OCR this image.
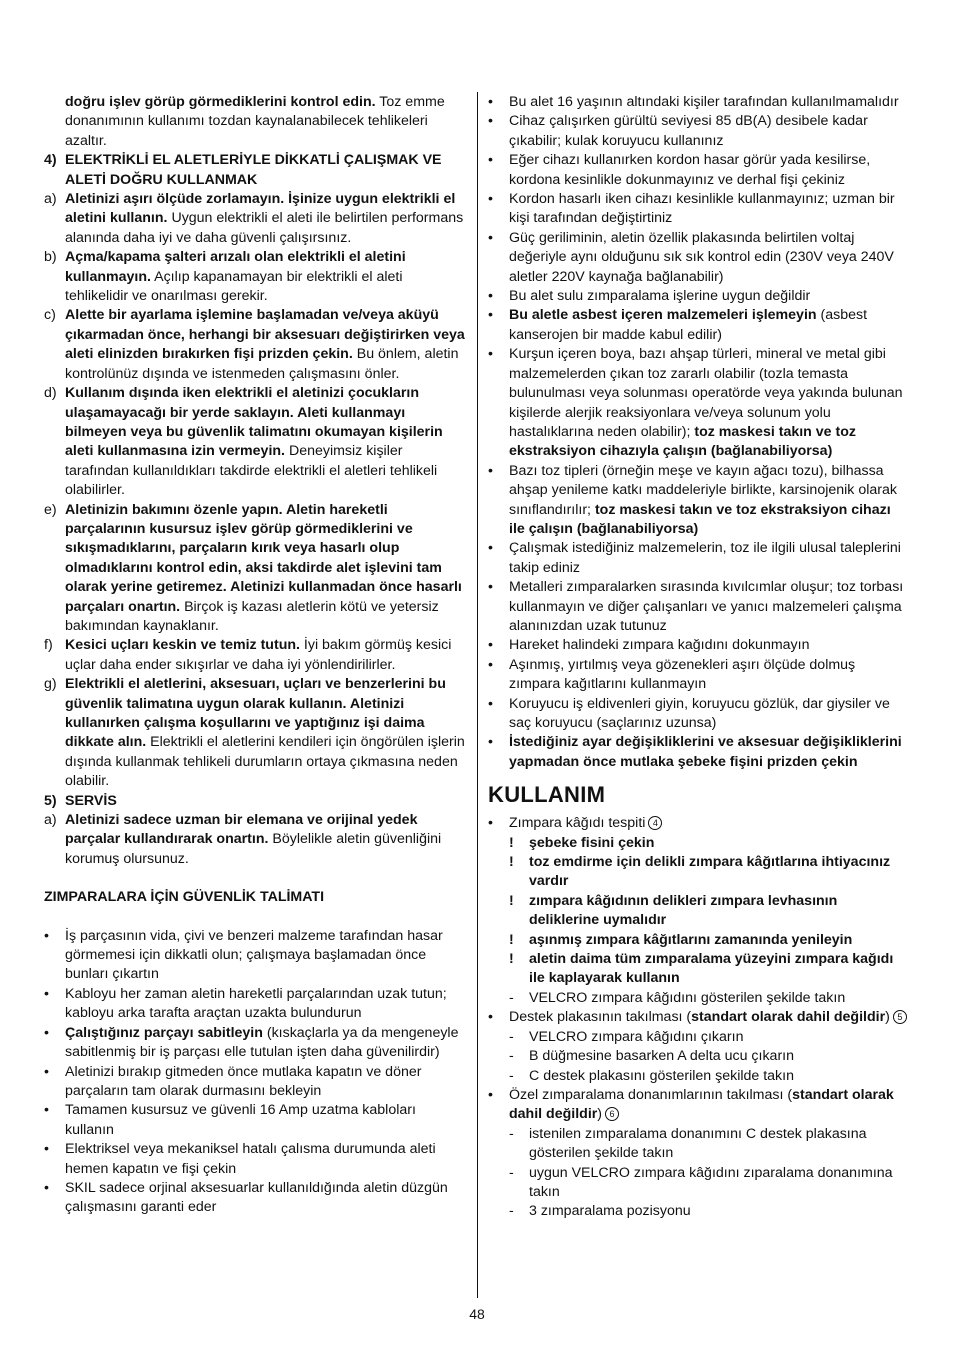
doğru işlev görüp görmediklerini kontrol edin. Toz emme donanımının kullanımı tozdan kaynalanabilecek tehlikeleri azaltır.

4) ELEKTRİKLİ EL ALETLERİYLE DİKKATLİ ÇALIŞMAK VE ALETİ DOĞRU KULLANMAK
a) Aletinizi aşırı ölçüde zorlamayın. İşinize uygun elektrikli el aletini kullanın. Uygun elektrikli el aleti ile belirtilen performans alanında daha iyi ve daha güvenli çalışırsınız.
b) Açma/kapama şalteri arızalı olan elektrikli el aletini kullanmayın. Açılıp kapanamayan bir elektrikli el aleti tehlikelidir ve onarılması gerekir.
c) Alette bir ayarlama işlemine başlamadan ve/veya aküyü çıkarmadan önce, herhangi bir aksesuarı değiştirirken veya aleti elinizden bırakırken fişi prizden çekin. Bu önlem, aletin kontrolünüz dışında ve istenmeden çalışmasını önler.
d) Kullanım dışında iken elektrikli el aletinizi çocukların ulaşamayacağı bir yerde saklayın. Aleti kullanmayı bilmeyen veya bu güvenlik talimatını okumayan kişilerin aleti kullanmasına izin vermeyin. Deneyimsiz kişiler tarafından kullanıldıkları takdirde elektrikli el aletleri tehlikeli olabilirler.
e) Aletinizin bakımını özenle yapın. Aletin hareketli parçalarının kusursuz işlev görüp görmediklerini ve sıkışmadıklarını, parçaların kırık veya hasarlı olup olmadıklarını kontrol edin, aksi takdirde alet işlevini tam olarak yerine getiremez. Aletinizi kullanmadan önce hasarlı parçaları onartın. Birçok iş kazası aletlerin kötü ve yetersiz bakımından kaynaklanır.
f) Kesici uçları keskin ve temiz tutun. İyi bakım görmüş kesici uçlar daha ender sıkışırlar ve daha iyi yönlendirilirler.
g) Elektrikli el aletlerini, aksesuarı, uçları ve benzerlerini bu güvenlik talimatına uygun olarak kullanın. Aletinizi kullanırken çalışma koşullarını ve yaptığınız işi daima dikkate alın. Elektrikli el aletlerini kendileri için öngörülen işlerin dışında kullanmak tehlikeli durumların ortaya çıkmasına neden olabilir.
5) SERVİS
a) Aletinizi sadece uzman bir elemana ve orijinal yedek parçalar kullandırarak onartın. Böylelikle aletin güvenliğini korumuş olursunuz.
ZIMPARALARA İÇİN GÜVENLİK TALİMATI
•	İş parçasının vida, çivi ve benzeri malzeme tarafından hasar görmemesi için dikkatli olun; çalışmaya başlamadan önce bunları çıkartın
•	Kabloyu her zaman aletin hareketli parçalarından uzak tutun; kabloyu arka tarafta araçtan uzakta bulundurun
•	Çalıştığınız parçayı sabitleyin (kıskaçlarla ya da mengeneyle sabitlenmiş bir iş parçası elle tutulan işten daha güvenilirdir)
•	Aletinizi bırakıp gitmeden önce mutlaka kapatın ve döner parçaların tam olarak durmasını bekleyin
•	Tamamen kusursuz ve güvenli 16 Amp uzatma kabloları kullanın
•	Elektriksel veya mekaniksel hatalı çalısma durumunda aleti hemen kapatın ve fişi çekin
•	SKIL sadece orjinal aksesuarlar kullanıldığında aletin düzgün çalışmasını garanti eder
•	Bu alet 16 yaşının altındaki kişiler tarafından kullanılmamalıdır
•	Cihaz çalışırken gürültü seviyesi 85 dB(A) desibele kadar çıkabilir; kulak koruyucu kullanınız
•	Eğer cihazı kullanırken kordon hasar görür yada kesilirse, kordona kesinlikle dokunmayınız ve derhal fişi çekiniz
•	Kordon hasarlı iken cihazı kesinlikle kullanmayınız; uzman bir kişi tarafından değiştirtiniz
•	Güç geriliminin, aletin özellik plakasında belirtilen voltaj değeriyle aynı olduğunu sık sık kontrol edin (230V veya 240V aletler 220V kaynağa bağlanabilir)
•	Bu alet sulu zımparalama işlerine uygun değildir
•	Bu aletle asbest içeren malzemeleri işlemeyin (asbest kanserojen bir madde kabul edilir)
•	Kurşun içeren boya, bazı ahşap türleri, mineral ve metal gibi malzemelerden çıkan toz zararlı olabilir (tozla temasta bulunulması veya solunması operatörde veya yakında bulunan kişilerde alerjik reaksiyonlara ve/veya solunum yolu hastalıklarına neden olabilir); toz maskesi takın ve toz ekstraksiyon cihazıyla çalışın (bağlanabiliyorsa)
•	Bazı toz tipleri (örneğin meşe ve kayın ağacı tozu), bilhassa ahşap yenileme katkı maddeleriyle birlikte, karsinojenik olarak sınıflandırılır; toz maskesi takın ve toz ekstraksiyon cihazı ile çalışın (bağlanabiliyorsa)
•	Çalışmak istediğiniz malzemelerin, toz ile ilgili ulusal taleplerini takip ediniz
•	Metalleri zımparalarken sırasında kıvılcımlar oluşur; toz torbası kullanmayın ve diğer çalışanları ve yanıcı malzemeleri çalışma alanınızdan uzak tutunuz
•	Hareket halindeki zımpara kağıdını dokunmayın
•	Aşınmış, yırtılmış veya gözenekleri aşırı ölçüde dolmuş zımpara kağıtlarını kullanmayın
•	Koruyucu iş eldivenleri giyin, koruyucu gözlük, dar giysiler ve saç koruyucu (saçlarınız uzunsa)
•	İstediğiniz ayar değişikliklerini ve aksesuar değişikliklerini yapmadan önce mutlaka şebeke fişini prizden çekin
KULLANIM
•	Zımpara kâğıdı tespiti 4
!	şebeke fisini çekin
!	toz emdirme için delikli zımpara kâğıtlarına ihtiyacınız vardır
!	zımpara kâğıdının delikleri zımpara levhasının deliklerine uymalıdır
!	aşınmış zımpara kâğıtlarını zamanında yenileyin
!	aletin daima tüm zımparalama yüzeyini zımpara kağıdı ile kaplayarak kullanın
-	VELCRO zımpara kâğıdını gösterilen şekilde takın
•	Destek plakasının takılması (standart olarak dahil değildir) 5
-	VELCRO zımpara kâğıdını çıkarın
-	B düğmesine basarken A delta ucu çıkarın
-	C destek plakasını gösterilen şekilde takın
•	Özel zımparalama donanımlarının takılması (standart olarak dahil değildir) 6
-	istenilen zımparalama donanımını C destek plakasına gösterilen şekilde takın
-	uygun VELCRO zımpara kâğıdını zıparalama donanımına takın
-	3 zımparalama pozisyonu
48
